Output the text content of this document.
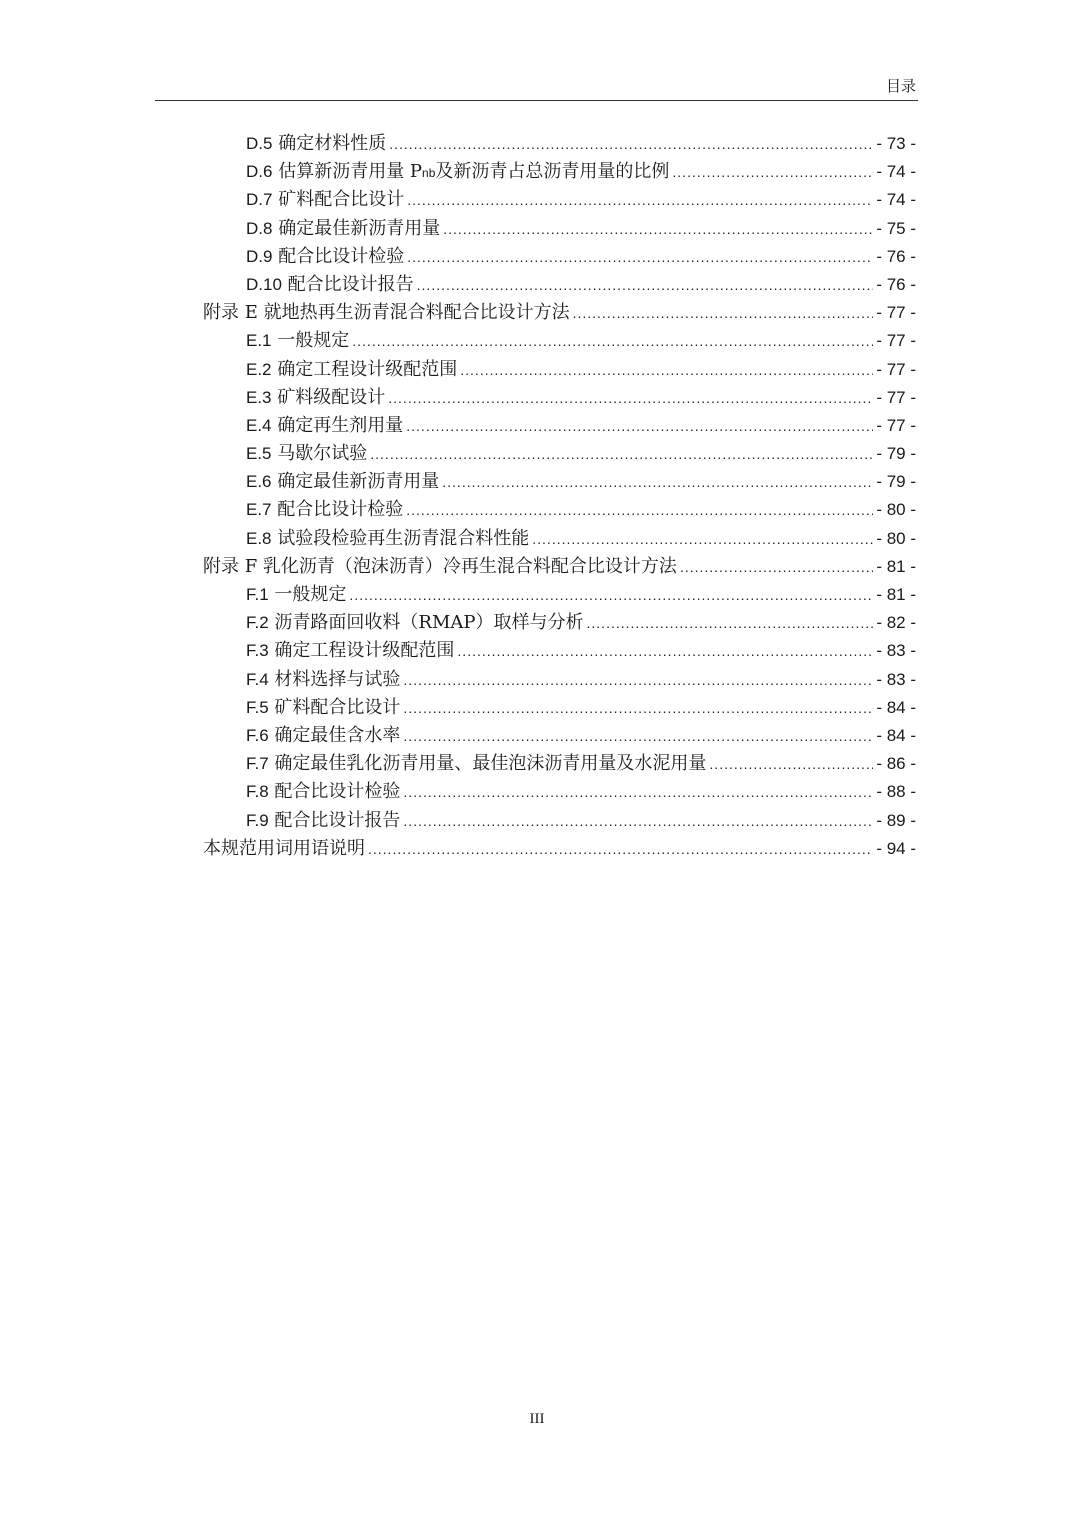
目录
D.5 确定材料性质 .....	- 73 -
D.6 估算新沥青用量 Pnb及新沥青占总沥青用量的比例 .....	- 74 -
D.7 矿料配合比设计 .....	- 74 -
D.8 确定最佳新沥青用量 .....	- 75 -
D.9 配合比设计检验 .....	- 76 -
D.10 配合比设计报告 .....	- 76 -
附录 E 就地热再生沥青混合料配合比设计方法 .....	- 77 -
E.1 一般规定 .....	- 77 -
E.2 确定工程设计级配范围 .....	- 77 -
E.3 矿料级配设计 .....	- 77 -
E.4 确定再生剂用量 .....	- 77 -
E.5 马歇尔试验 .....	- 79 -
E.6 确定最佳新沥青用量 .....	- 79 -
E.7 配合比设计检验 .....	- 80 -
E.8 试验段检验再生沥青混合料性能 .....	- 80 -
附录 F 乳化沥青（泡沫沥青）冷再生混合料配合比设计方法 .....	- 81 -
F.1 一般规定 .....	- 81 -
F.2 沥青路面回收料（RMAP）取样与分析 .....	- 82 -
F.3 确定工程设计级配范围 .....	- 83 -
F.4 材料选择与试验 .....	- 83 -
F.5 矿料配合比设计 .....	- 84 -
F.6 确定最佳含水率 .....	- 84 -
F.7 确定最佳乳化沥青用量、最佳泡沫沥青用量及水泥用量 .....	- 86 -
F.8 配合比设计检验 .....	- 88 -
F.9 配合比设计报告 .....	- 89 -
本规范用词用语说明 .....	- 94 -
III
